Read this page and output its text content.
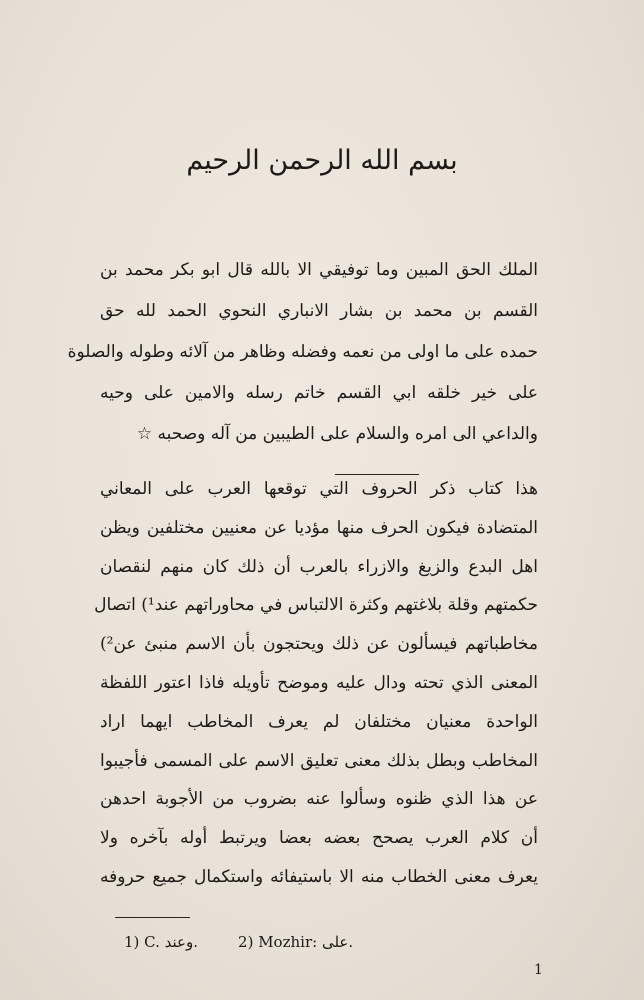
بسم الله الرحمن الرحيم
الملك الحق المبين وما توفيقي الا بالله قال ابو بكر محمد بن
القسم بن محمد بن بشار الانباري النحوي الحمد لله حق
حمده على ما اولى من نعمه وفضله وظاهر من آلائه وطوله والصلوة
على خير خلقه ابي القسم خاتم رسله والامين على وحيه
والداعي الى امره والسلام على الطيبين من آله وصحبه ☆
هذا كتاب ذكر الحروف التي توقعها العرب على المعاني
المتضادة فيكون الحرف منها مؤديا عن معنيين مختلفين ويظن
اهل البدع والزيغ والازراء بالعرب أن ذلك كان منهم لنقصان
حكمتهم وقلة بلاغتهم وكثرة الالتباس في محاوراتهم عند¹) اتصال
مخاطباتهم فيسألون عن ذلك ويحتجون بأن الاسم منبئ عن²)
المعنى الذي تحته ودال عليه وموضح تأويله فاذا اعتور اللفظة
الواحدة معنيان مختلفان لم يعرف المخاطب ايهما اراد
المخاطب وبطل بذلك معنى تعليق الاسم على المسمى فأجيبوا
عن هذا الذي ظنوه وسألوا عنه بضروب من الأجوبة احدهن
أن كلام العرب يصحح بعضه بعضا ويرتبط أوله بآخره ولا
يعرف معنى الخطاب منه الا باستيفائه واستكمال جميع حروفه
1) C. وعند.	2) Mozhir: على.
1
